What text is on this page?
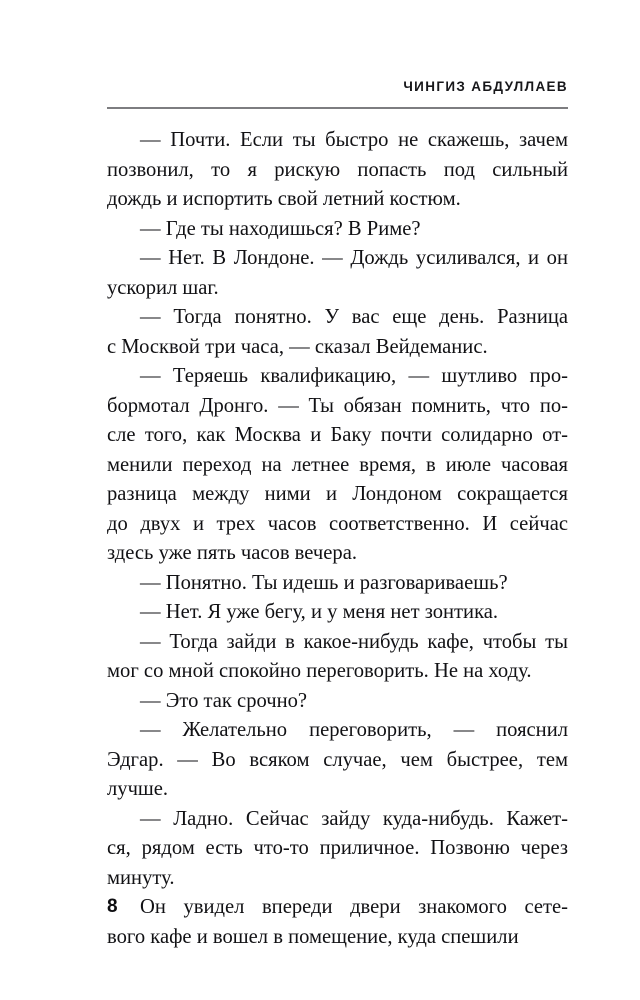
ЧИНГИЗ АБДУЛЛАЕВ

— Почти. Если ты быстро не скажешь, зачем
позвонил, то я рискую попасть под сильный
дождь и испортить свой летний костюм.

— Где ты находишься? В Риме?

— Нет. В Лондоне. — Дождь усиливался, и он
ускорил шаг.

— Тогда понятно. У вас еще день. Разница
с Москвой три часа, — сказал Вейдеманис.

— Теряешь квалификацию, — шутливо про-
бормотал Дронго. — Ты обязан помнить, что по-
сле того, как Москва и Баку почти солидарно от-
менили переход на летнее время, в июле часовая
разница между ними и Лондоном сокращается
до двух и трех часов соответственно. И сейчас
здесь уже пять часов вечера.

— Понятно. Ты идешь и разговариваешь?

— Нет. Я уже бегу, и у меня нет зонтика.

— Тогда зайди в какое-нибудь кафе, чтобы ты
мог со мной спокойно переговорить. Не на ходу.

— Это так срочно?

— Желательно переговорить, — пояснил
Эдгар. — Во всяком случае, чем быстрее, тем
лучше.

— Ладно. Сейчас зайду куда-нибудь. Кажет-
ся, рядом есть что-то приличное. Позвоню через
минуту.

Он увидел впереди двери знакомого сете-
вого кафе и вошел в помещение, куда спешили

8
